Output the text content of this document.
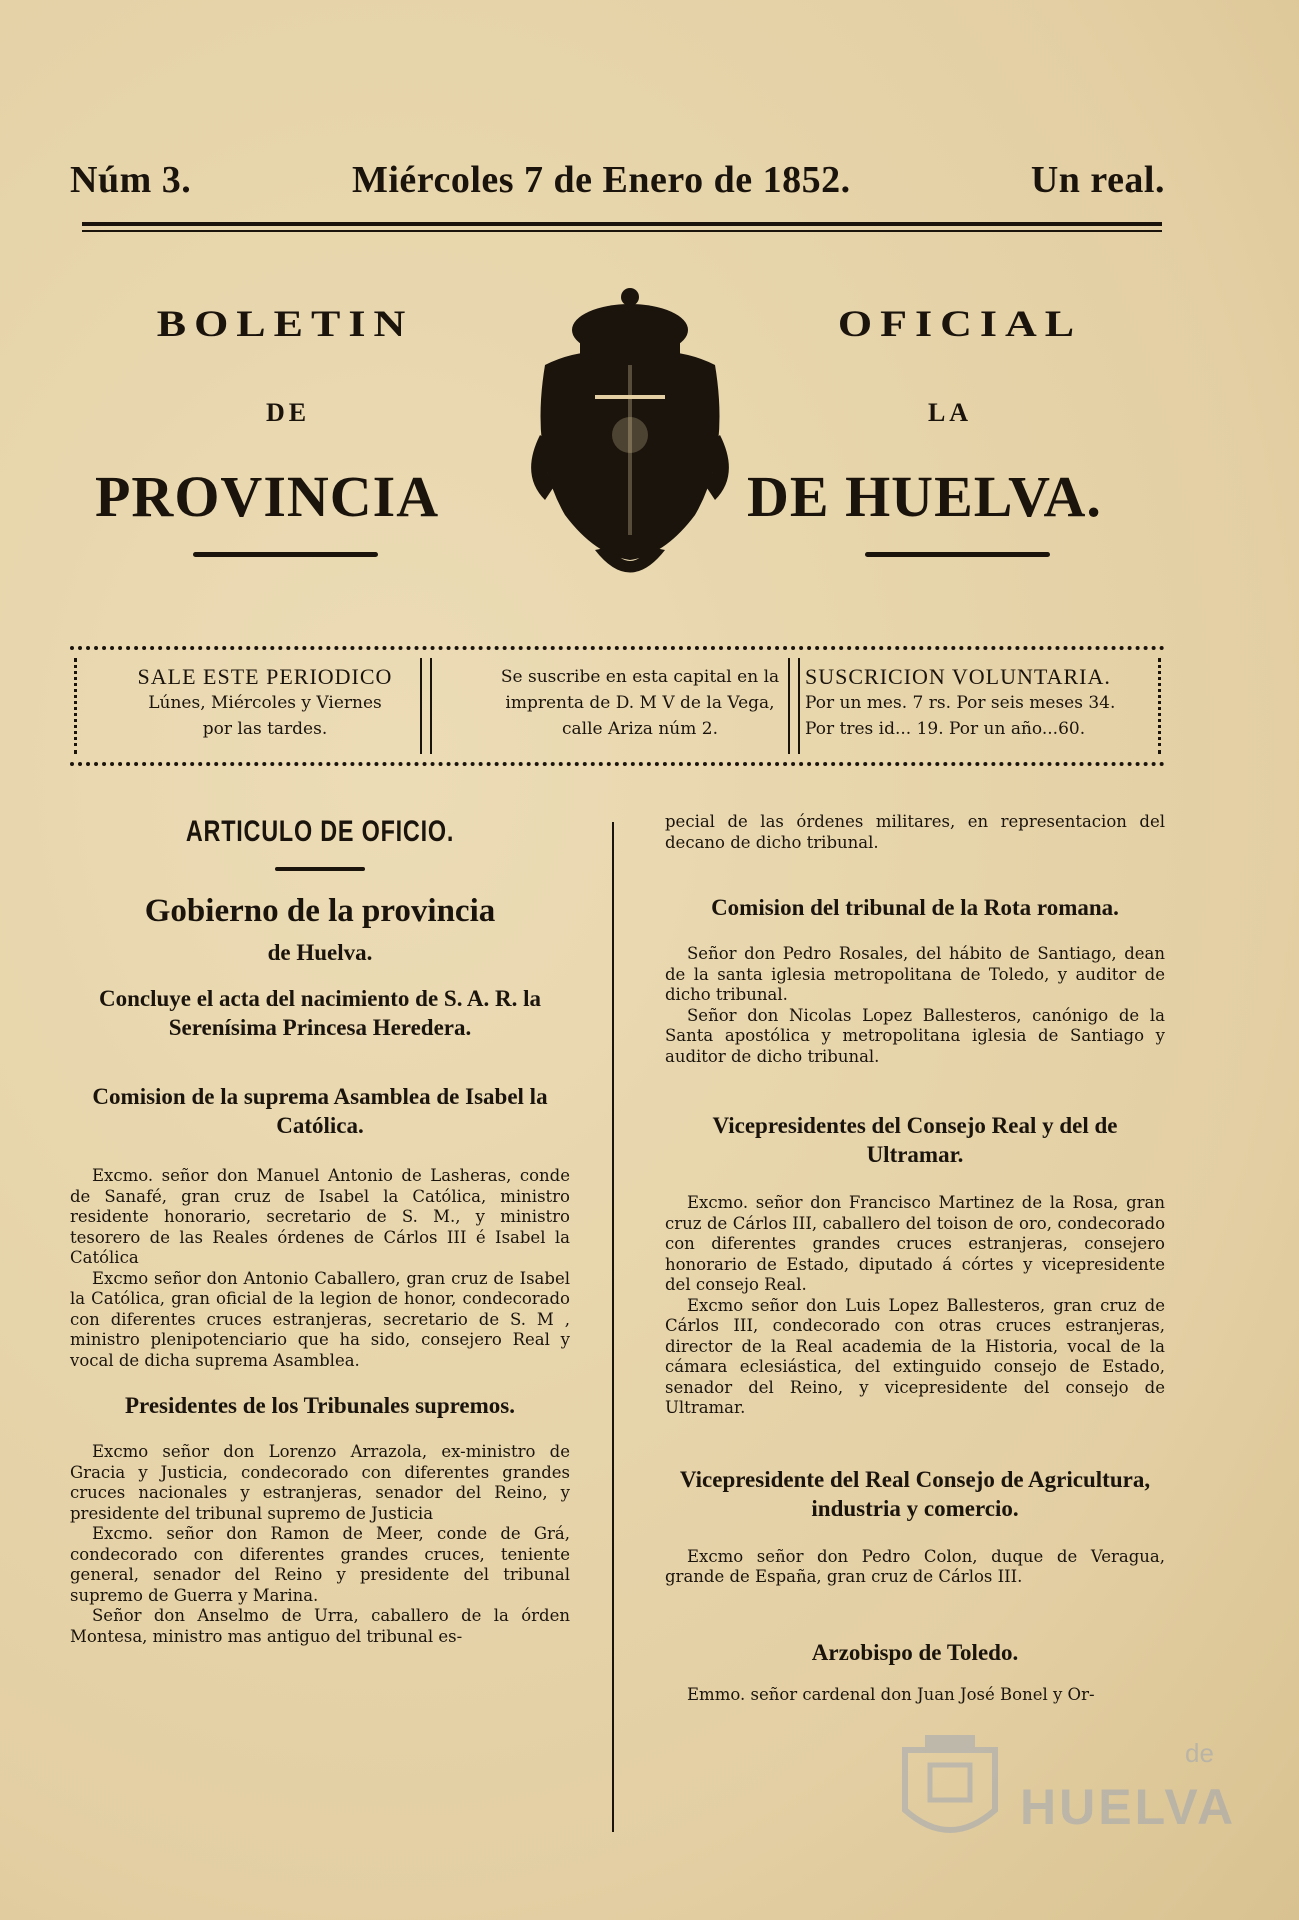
Núm 3.	Miércoles 7 de Enero de 1852.	Un real.
BOLETIN	OFICIAL
DE	LA
PROVINCIA	DE HUELVA.
SALE ESTE PERIODICO
Lúnes, Miércoles y Viernes
por las tardes.
Se suscribe en esta capital en la
imprenta de D. M V de la Vega,
calle Ariza núm 2.
SUSCRICION VOLUNTARIA.
Por un mes. 7 rs. Por seis meses 34.
Por tres id... 19. Por un año...60.
ARTICULO DE OFICIO.
Gobierno de la provincia
de Huelva.
Concluye el acta del nacimiento de S. A. R. la Serenísima Princesa Heredera.
Comision de la suprema Asamblea de Isabel la Católica.

Excmo. señor don Manuel Antonio de Lasheras, conde de Sanafé, gran cruz de Isabel la Católica, ministro residente honorario, secretario de S. M., y ministro tesorero de las Reales órdenes de Cárlos III é Isabel la Católica

Excmo señor don Antonio Caballero, gran cruz de Isabel la Católica, gran oficial de la legion de honor, condecorado con diferentes cruces estranjeras, secretario de S. M , ministro plenipotenciario que ha sido, consejero Real y vocal de dicha suprema Asamblea.

Presidentes de los Tribunales supremos.

Excmo señor don Lorenzo Arrazola, ex-ministro de Gracia y Justicia, condecorado con diferentes grandes cruces nacionales y estranjeras, senador del Reino, y presidente del tribunal supremo de Justicia

Excmo. señor don Ramon de Meer, conde de Grá, condecorado con diferentes grandes cruces, teniente general, senador del Reino y presidente del tribunal supremo de Guerra y Marina.

Señor don Anselmo de Urra, caballero de la órden Montesa, ministro mas antiguo del tribunal es-

pecial de las órdenes militares, en representacion del decano de dicho tribunal.

Comision del tribunal de la Rota romana.

Señor don Pedro Rosales, del hábito de Santiago, dean de la santa iglesia metropolitana de Toledo, y auditor de dicho tribunal.

Señor don Nicolas Lopez Ballesteros, canónigo de la Santa apostólica y metropolitana iglesia de Santiago y auditor de dicho tribunal.

Vicepresidentes del Consejo Real y del de Ultramar.

Excmo. señor don Francisco Martinez de la Rosa, gran cruz de Cárlos III, caballero del toison de oro, condecorado con diferentes grandes cruces estranjeras, consejero honorario de Estado, diputado á córtes y vicepresidente del consejo Real.

Excmo señor don Luis Lopez Ballesteros, gran cruz de Cárlos III, condecorado con otras cruces estranjeras, director de la Real academia de la Historia, vocal de la cámara eclesiástica, del extinguido consejo de Estado, senador del Reino, y vicepresidente del consejo de Ultramar.

Vicepresidente del Real Consejo de Agricultura, industria y comercio.

Excmo señor don Pedro Colon, duque de Veragua, grande de España, gran cruz de Cárlos III.

Arzobispo de Toledo.

Emmo. señor cardenal don Juan José Bonel y Or-

de
HUELVA
